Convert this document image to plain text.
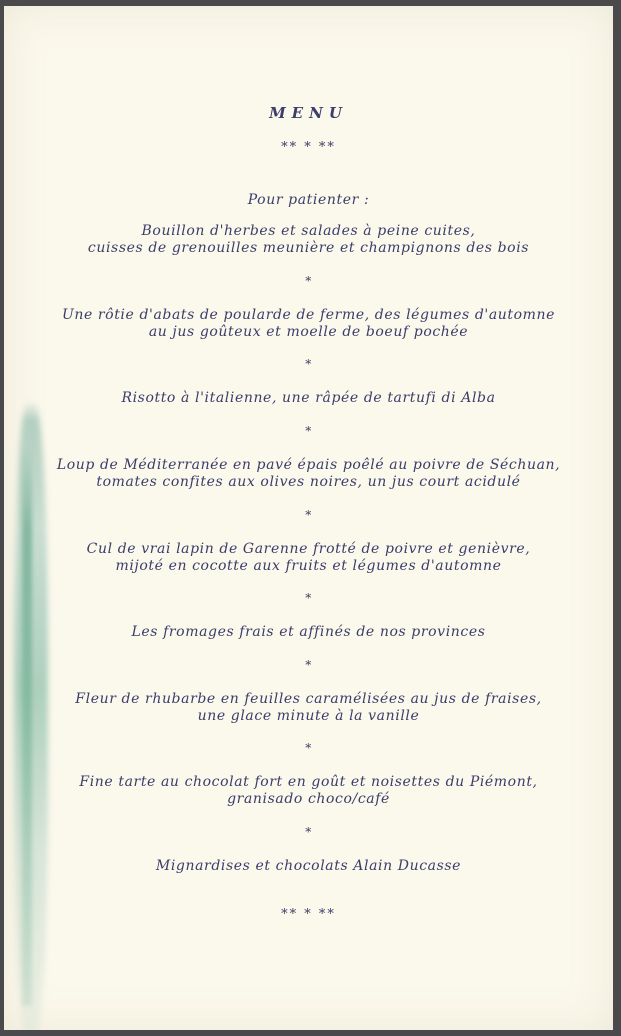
MENU
** * **
Pour patienter :
Bouillon d'herbes et salades à peine cuites,
cuisses de grenouilles meunière et champignons des bois
*
Une rôtie d'abats de poularde de ferme, des légumes d'automne
au jus goûteux et moelle de boeuf pochée
*
Risotto à l'italienne, une râpée de tartufi di Alba
*
Loup de Méditerranée en pavé épais poêlé au poivre de Séchuan,
tomates confites aux olives noires, un jus court acidulé
*
Cul de vrai lapin de Garenne frotté de poivre et genièvre,
mijoté en cocotte aux fruits et légumes d'automne
*
Les fromages frais et affinés de nos provinces
*
Fleur de rhubarbe en feuilles caramélisées au jus de fraises,
une glace minute à la vanille
*
Fine tarte au chocolat fort en goût et noisettes du Piémont,
granisado choco/café
*
Mignardises et chocolats Alain Ducasse
** * **
